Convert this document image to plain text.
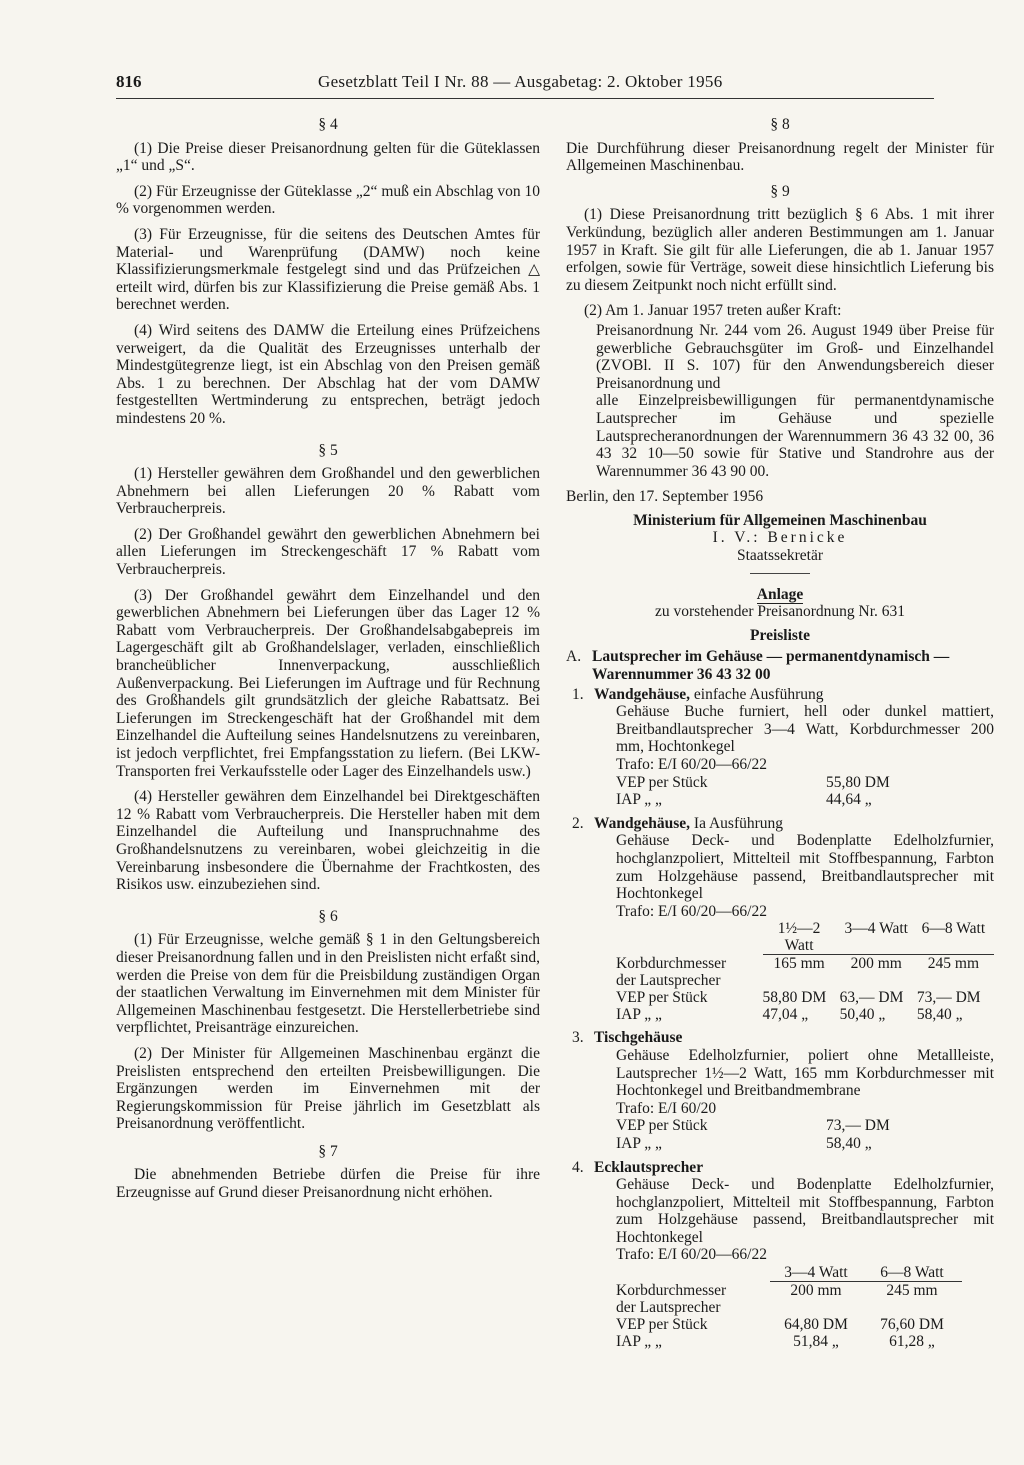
816	Gesetzblatt Teil I Nr. 88 — Ausgabetag: 2. Oktober 1956
§ 4

(1) Die Preise dieser Preisanordnung gelten für die Güteklassen „1“ und „S“.

(2) Für Erzeugnisse der Güteklasse „2“ muß ein Abschlag von 10 % vorgenommen werden.

(3) Für Erzeugnisse, für die seitens des Deutschen Amtes für Material- und Warenprüfung (DAMW) noch keine Klassifizierungsmerkmale festgelegt sind und das Prüfzeichen △ erteilt wird, dürfen bis zur Klassifizierung die Preise gemäß Abs. 1 berechnet werden.

(4) Wird seitens des DAMW die Erteilung eines Prüfzeichens verweigert, da die Qualität des Erzeugnisses unterhalb der Mindestgütegrenze liegt, ist ein Abschlag von den Preisen gemäß Abs. 1 zu berechnen. Der Abschlag hat der vom DAMW festgestellten Wertminderung zu entsprechen, beträgt jedoch mindestens 20 %.

§ 5

(1) Hersteller gewähren dem Großhandel und den gewerblichen Abnehmern bei allen Lieferungen 20 % Rabatt vom Verbraucherpreis.

(2) Der Großhandel gewährt den gewerblichen Abnehmern bei allen Lieferungen im Streckengeschäft 17 % Rabatt vom Verbraucherpreis.

(3) Der Großhandel gewährt dem Einzelhandel und den gewerblichen Abnehmern bei Lieferungen über das Lager 12 % Rabatt vom Verbraucherpreis. Der Großhandelsabgabepreis im Lagergeschäft gilt ab Großhandelslager, verladen, einschließlich brancheüblicher Innenverpackung, ausschließlich Außenverpackung. Bei Lieferungen im Auftrage und für Rechnung des Großhandels gilt grundsätzlich der gleiche Rabattsatz. Bei Lieferungen im Streckengeschäft hat der Großhandel mit dem Einzelhandel die Aufteilung seines Handelsnutzens zu vereinbaren, ist jedoch verpflichtet, frei Empfangsstation zu liefern. (Bei LKW-Transporten frei Verkaufsstelle oder Lager des Einzelhandels usw.)

(4) Hersteller gewähren dem Einzelhandel bei Direktgeschäften 12 % Rabatt vom Verbraucherpreis. Die Hersteller haben mit dem Einzelhandel die Aufteilung und Inanspruchnahme des Großhandelsnutzens zu vereinbaren, wobei gleichzeitig in die Vereinbarung insbesondere die Übernahme der Frachtkosten, des Risikos usw. einzubeziehen sind.

§ 6

(1) Für Erzeugnisse, welche gemäß § 1 in den Geltungsbereich dieser Preisanordnung fallen und in den Preislisten nicht erfaßt sind, werden die Preise von dem für die Preisbildung zuständigen Organ der staatlichen Verwaltung im Einvernehmen mit dem Minister für Allgemeinen Maschinenbau festgesetzt. Die Herstellerbetriebe sind verpflichtet, Preisanträge einzureichen.

(2) Der Minister für Allgemeinen Maschinenbau ergänzt die Preislisten entsprechend den erteilten Preisbewilligungen. Die Ergänzungen werden im Einvernehmen mit der Regierungskommission für Preise jährlich im Gesetzblatt als Preisanordnung veröffentlicht.

§ 7

Die abnehmenden Betriebe dürfen die Preise für ihre Erzeugnisse auf Grund dieser Preisanordnung nicht erhöhen.

§ 8

Die Durchführung dieser Preisanordnung regelt der Minister für Allgemeinen Maschinenbau.

§ 9

(1) Diese Preisanordnung tritt bezüglich § 6 Abs. 1 mit ihrer Verkündung, bezüglich aller anderen Bestimmungen am 1. Januar 1957 in Kraft. Sie gilt für alle Lieferungen, die ab 1. Januar 1957 erfolgen, sowie für Verträge, soweit diese hinsichtlich Lieferung bis zu diesem Zeitpunkt noch nicht erfüllt sind.

(2) Am 1. Januar 1957 treten außer Kraft:

Preisanordnung Nr. 244 vom 26. August 1949 über Preise für gewerbliche Gebrauchsgüter im Groß- und Einzelhandel (ZVOBl. II S. 107) für den Anwendungsbereich dieser Preisanordnung und
alle Einzelpreisbewilligungen für permanentdynamische Lautsprecher im Gehäuse und spezielle Lautsprecheranordnungen der Warennummern 36 43 32 00, 36 43 32 10—50 sowie für Stative und Standrohre aus der Warennummer 36 43 90 00.

Berlin, den 17. September 1956

Ministerium für Allgemeinen Maschinenbau
I. V.: Bernicke
Staatssekretär
Anlage
zu vorstehender Preisanordnung Nr. 631
Preisliste
A. Lautsprecher im Gehäuse — permanentdynamisch — Warennummer 36 43 32 00
1. Wandgehäuse, einfache Ausführung
Gehäuse Buche furniert, hell oder dunkel mattiert, Breitbandlautsprecher 3—4 Watt, Korbdurchmesser 200 mm, Hochtonkegel
Trafo: E/I 60/20—66/22
VEP per Stück	55,80 DM
IAP „ „	44,64 „
2. Wandgehäuse, Ia Ausführung
Gehäuse Deck- und Bodenplatte Edelholzfurnier, hochglanzpoliert, Mittelteil mit Stoffbespannung, Farbton zum Holzgehäuse passend, Breitbandlautsprecher mit Hochtonkegel
Trafo: E/I 60/20—66/22
	1½—2 Watt	3—4 Watt	6—8 Watt
Korbdurchmesser	165 mm	200 mm	245 mm
der Lautsprecher			
VEP per Stück	58,80 DM	63,— DM	73,— DM
IAP „ „	47,04 „	50,40 „	58,40 „
3. Tischgehäuse
Gehäuse Edelholzfurnier, poliert ohne Metallleiste, Lautsprecher 1½—2 Watt, 165 mm Korbdurchmesser mit Hochtonkegel und Breitbandmembrane
Trafo: E/I 60/20
VEP per Stück	73,— DM
IAP „ „	58,40 „
4. Ecklautsprecher
Gehäuse Deck- und Bodenplatte Edelholzfurnier, hochglanzpoliert, Mittelteil mit Stoffbespannung, Farbton zum Holzgehäuse passend, Breitbandlautsprecher mit Hochtonkegel
Trafo: E/I 60/20—66/22
	3—4 Watt	6—8 Watt
Korbdurchmesser	200 mm	245 mm
der Lautsprecher		
VEP per Stück	64,80 DM	76,60 DM
IAP „ „	51,84 „	61,28 „
